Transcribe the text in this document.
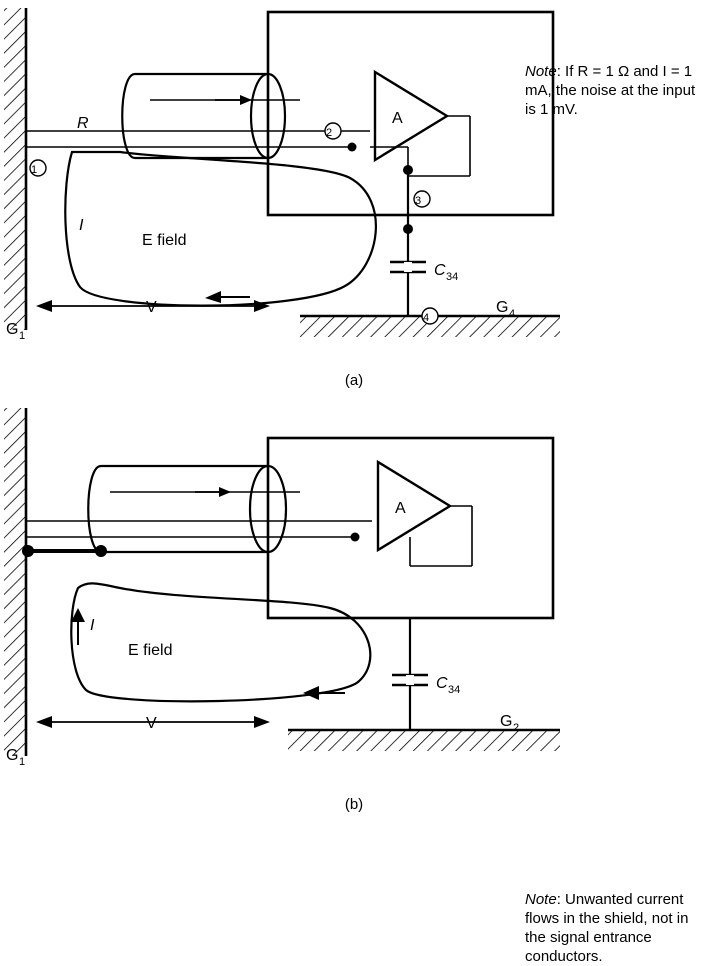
R
I
E field
A
C 34
V
G 1
G 4
1
2
3
4
Note: If R = 1 Ω and I = 1 mA, the noise at the input is 1 mV.
(a)
I
E field
A
C 34
V
G 1
G 2
Note: Unwanted current flows in the shield, not in the signal entrance conductors.
(b)
